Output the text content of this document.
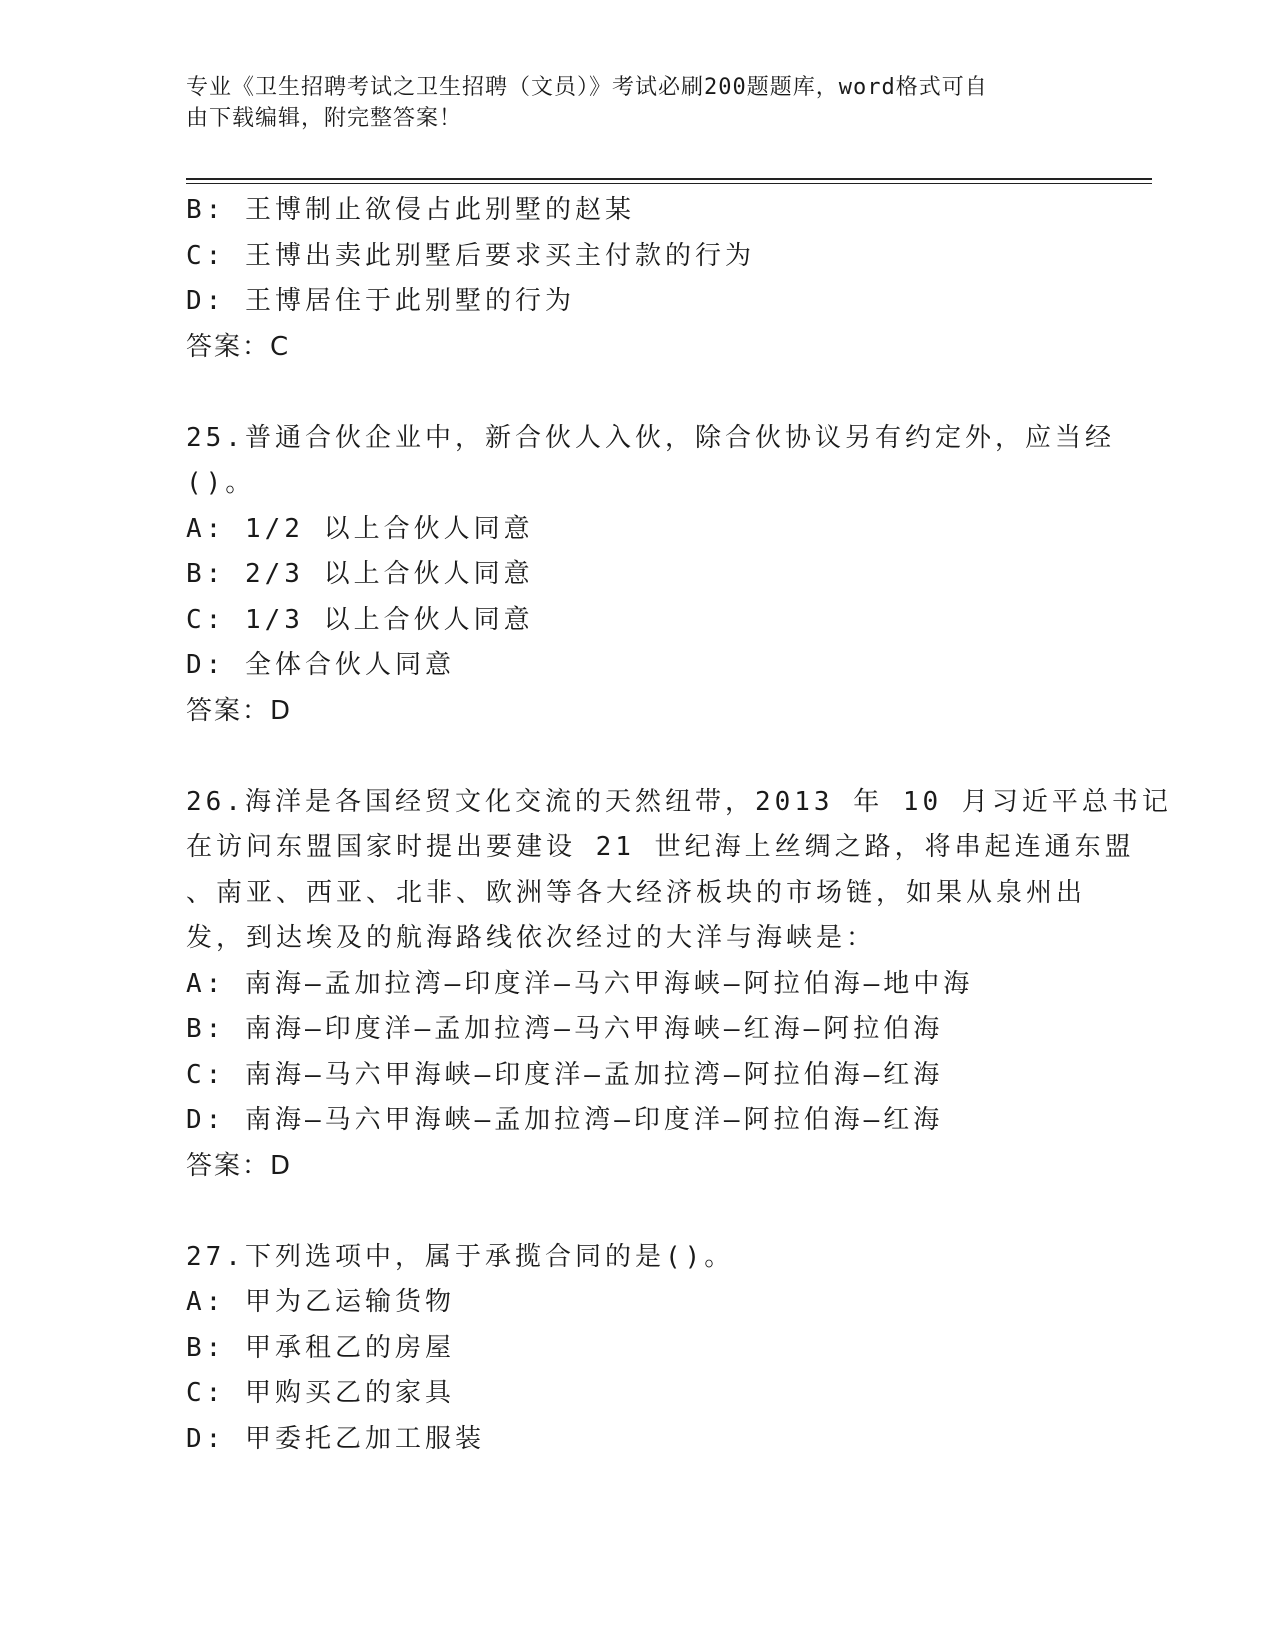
专业《卫生招聘考试之卫生招聘（文员）》考试必刷200题题库，word格式可自
由下载编辑，附完整答案！
B: 王博制止欲侵占此别墅的赵某
C: 王博出卖此别墅后要求买主付款的行为
D: 王博居住于此别墅的行为
答案：C
25.普通合伙企业中，新合伙人入伙，除合伙协议另有约定外，应当经
()。
A: 1/2 以上合伙人同意
B: 2/3 以上合伙人同意
C: 1/3 以上合伙人同意
D: 全体合伙人同意
答案：D
26.海洋是各国经贸文化交流的天然纽带，2013 年 10 月习近平总书记
在访问东盟国家时提出要建设 21 世纪海上丝绸之路，将串起连通东盟
、南亚、西亚、北非、欧洲等各大经济板块的市场链，如果从泉州出
发，到达埃及的航海路线依次经过的大洋与海峡是：
A: 南海—孟加拉湾—印度洋—马六甲海峡—阿拉伯海—地中海
B: 南海—印度洋—孟加拉湾—马六甲海峡—红海—阿拉伯海
C: 南海—马六甲海峡—印度洋—孟加拉湾—阿拉伯海—红海
D: 南海—马六甲海峡—孟加拉湾—印度洋—阿拉伯海—红海
答案：D
27.下列选项中，属于承揽合同的是()。
A: 甲为乙运输货物
B: 甲承租乙的房屋
C: 甲购买乙的家具
D: 甲委托乙加工服装
